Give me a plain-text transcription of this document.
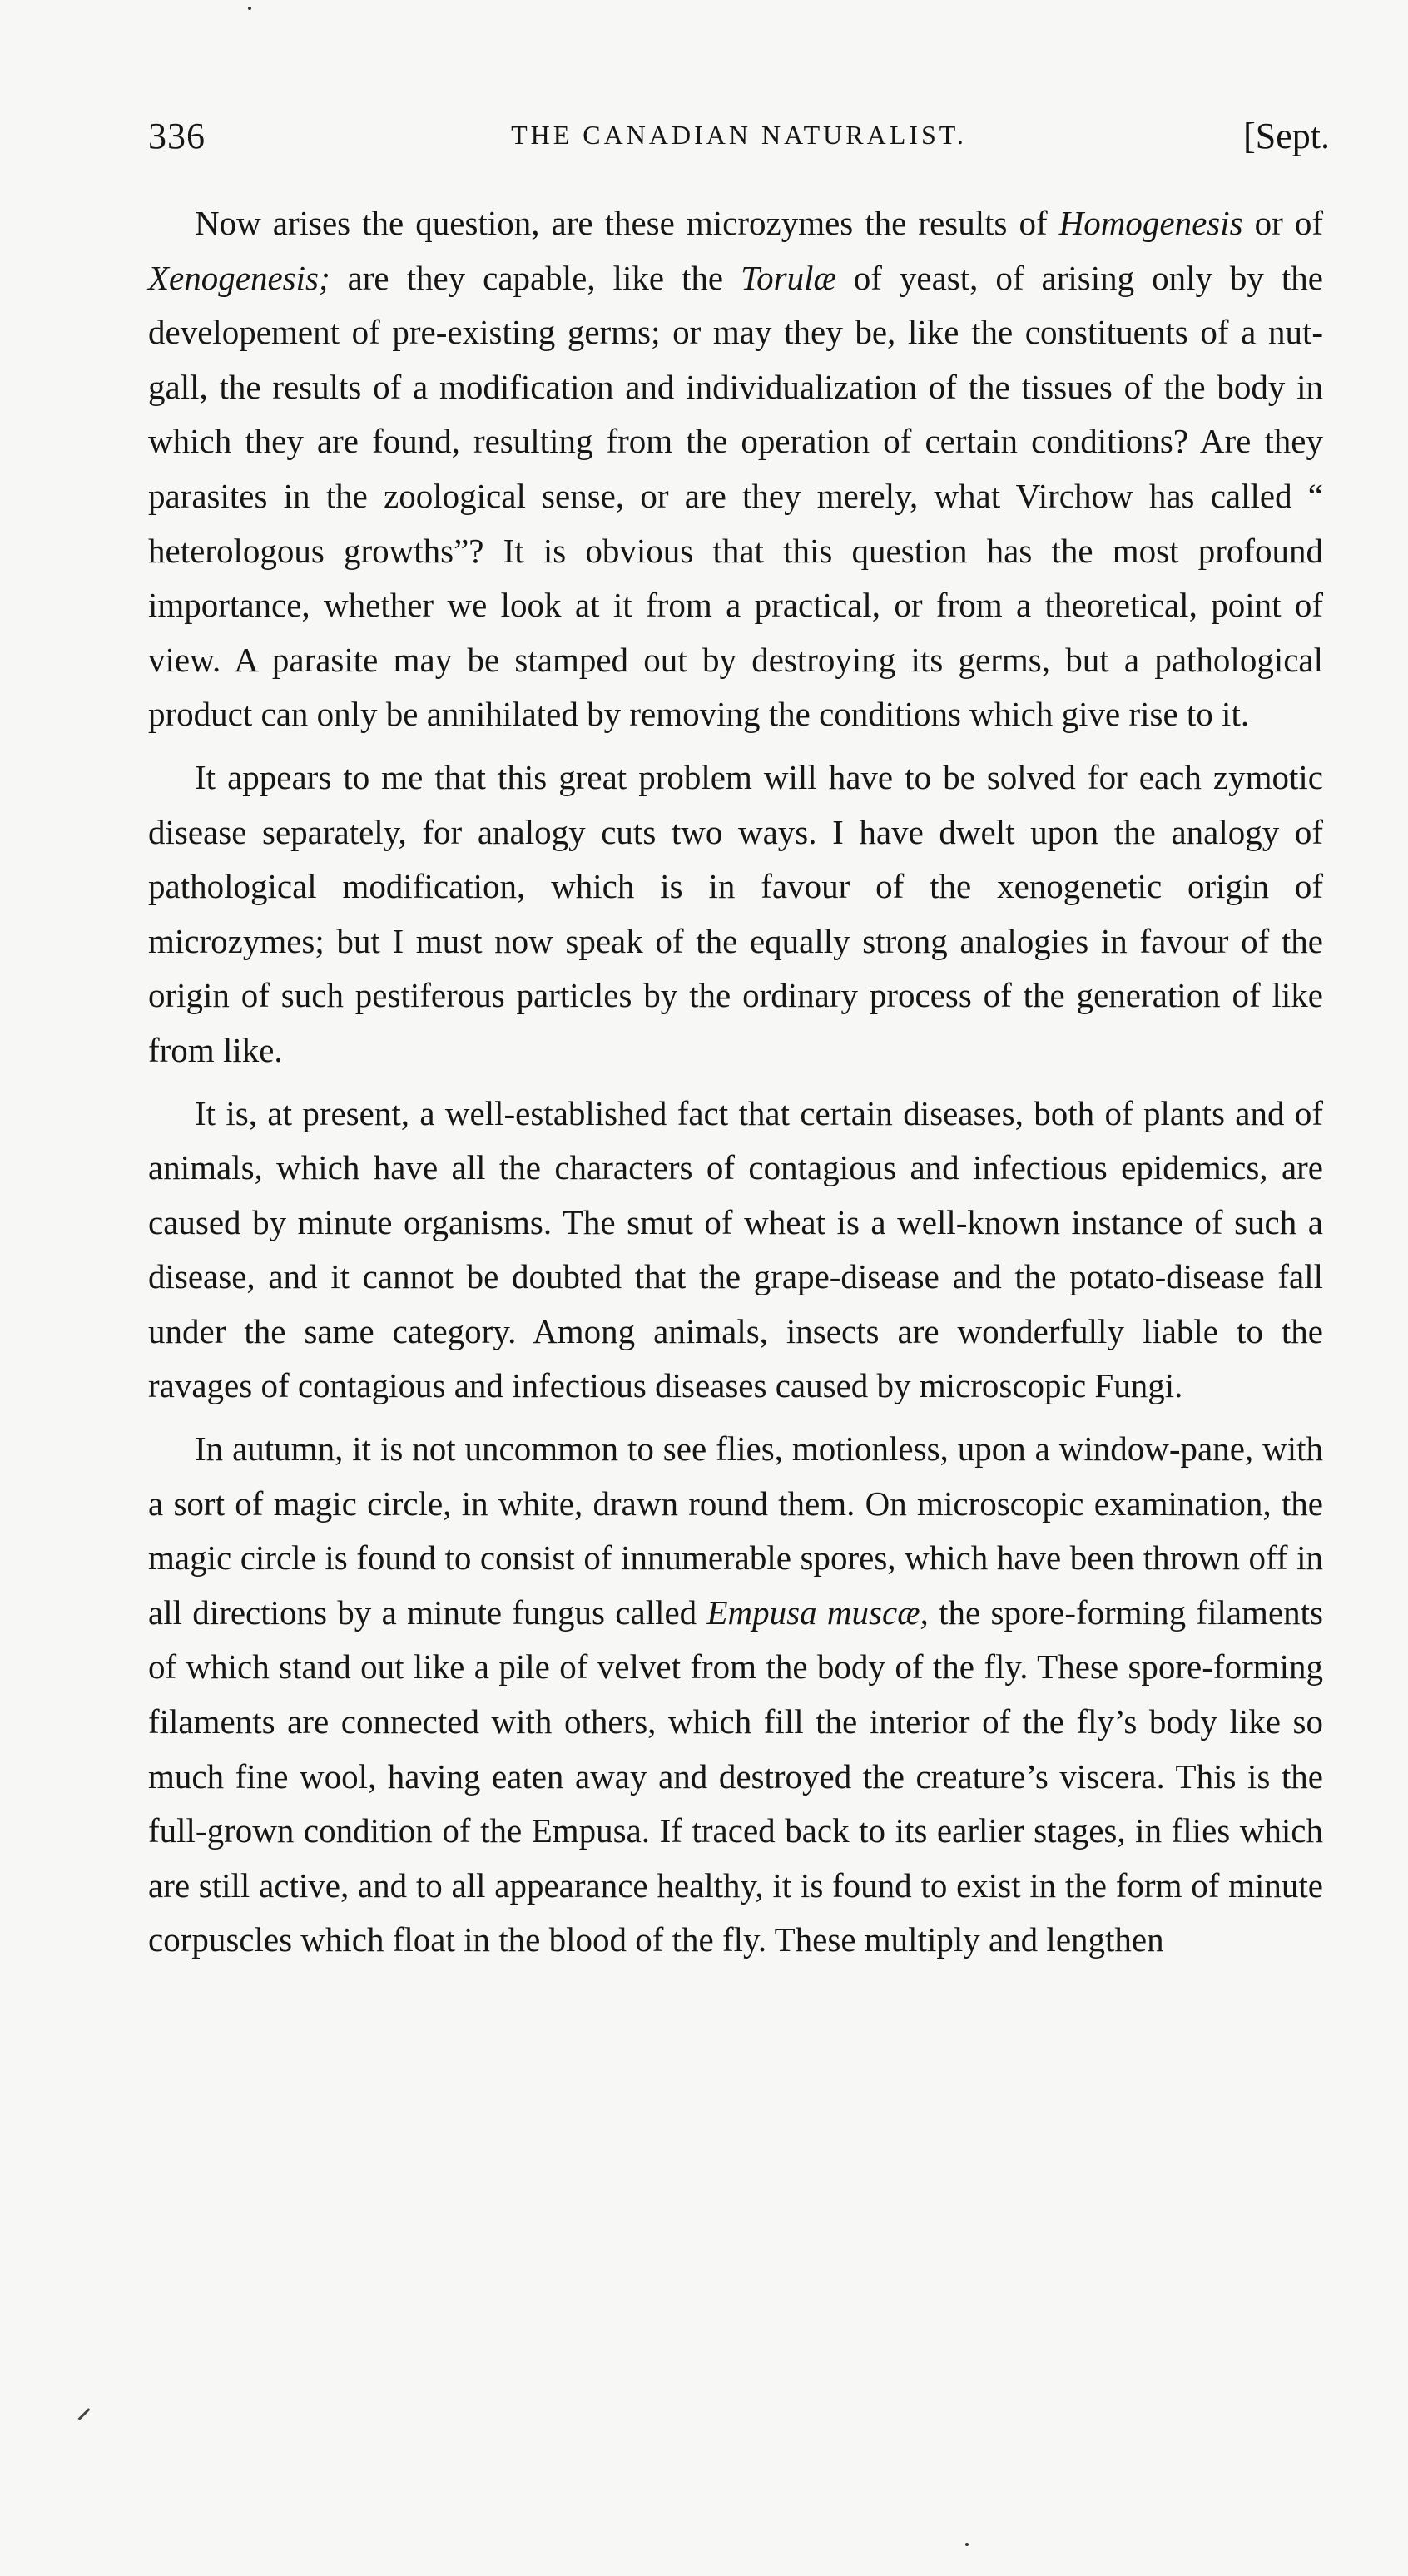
336	THE CANADIAN NATURALIST.	[Sept.

Now arises the question, are these microzymes the results of Homogenesis or of Xenogenesis; are they capable, like the Torulæ of yeast, of arising only by the developement of pre-existing germs; or may they be, like the constituents of a nut-gall, the results of a modification and individualization of the tissues of the body in which they are found, resulting from the operation of certain conditions? Are they parasites in the zoological sense, or are they merely, what Virchow has called “ heterologous growths”? It is obvious that this question has the most profound importance, whether we look at it from a practical, or from a theoretical, point of view. A parasite may be stamped out by destroying its germs, but a pathological product can only be annihilated by removing the conditions which give rise to it.

It appears to me that this great problem will have to be solved for each zymotic disease separately, for analogy cuts two ways. I have dwelt upon the analogy of pathological modification, which is in favour of the xenogenetic origin of microzymes; but I must now speak of the equally strong analogies in favour of the origin of such pestiferous particles by the ordinary process of the generation of like from like.

It is, at present, a well-established fact that certain diseases, both of plants and of animals, which have all the characters of contagious and infectious epidemics, are caused by minute organisms. The smut of wheat is a well-known instance of such a disease, and it cannot be doubted that the grape-disease and the potato-disease fall under the same category. Among animals, insects are wonderfully liable to the ravages of contagious and infectious diseases caused by microscopic Fungi.

In autumn, it is not uncommon to see flies, motionless, upon a window-pane, with a sort of magic circle, in white, drawn round them. On microscopic examination, the magic circle is found to consist of innumerable spores, which have been thrown off in all directions by a minute fungus called Empusa muscæ, the spore-forming filaments of which stand out like a pile of velvet from the body of the fly. These spore-forming filaments are connected with others, which fill the interior of the fly’s body like so much fine wool, having eaten away and destroyed the creature’s viscera. This is the full-grown condition of the Empusa. If traced back to its earlier stages, in flies which are still active, and to all appearance healthy, it is found to exist in the form of minute corpuscles which float in the blood of the fly. These multiply and lengthen
